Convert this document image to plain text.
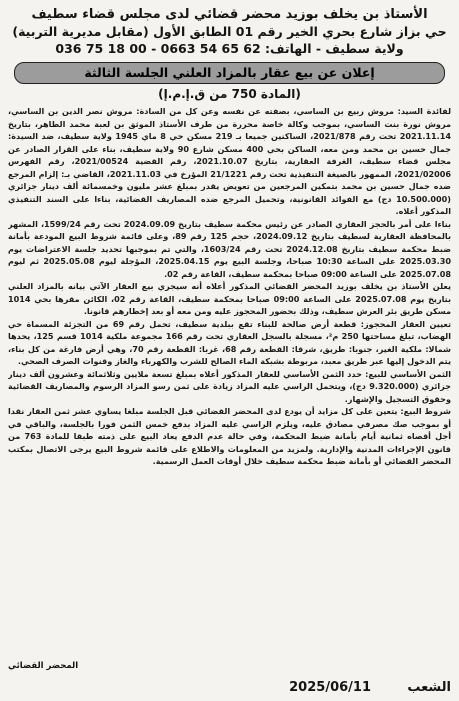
الأستاذ بن يخلف بوزيد محضر قضائي لدى مجلس قضاء سطيف
حي بزاز شارع بحري الخير رقم 01 الطابق الأول (مقابل مديرية التربية)
ولاية سطيف - الهاتف: 036 75 18 00 - 0663 54 65 62
إعلان عن بيع عقار بالمزاد العلني الجلسة الثالثة
(المادة 750 من ق.إ.م.إ)

لفائدة السيد: مروش ربيع بن الساسي، بصفته عن نفسه وعن كل من السادة: مروش نصر الدين بن الساسي، مروش نورة بنت الساسي، بموجب وكالة خاصة محررة من طرف الأستاذ الموثق بن لعبة محمد الطاهر، بتاريخ 2021.11.14 تحت رقم 2021/878، الساكنين جميعا بـ 219 مسكن حي 8 ماي 1945 ولاية سطيف، ضد السيدة: جمال حسين بن محمد ومن معه، الساكن بحي 400 مسكن شارع 90 ولاية سطيف، بناء على القرار الصادر عن مجلس قضاء سطيف، الغرفة العقارية، بتاريخ 2021.10.07، رقم القضية 2021/00524، رقم الفهرس 2021/02006، الممهور بالصيغة التنفيذية تحت رقم 21/1221 المؤرخ في 2021.11.03، القاضي بـ: إلزام المرجع ضده جمال حسين بن محمد بتمكين المرجعين من تعويض يقدر بمبلغ عشر مليون وخمسمائة ألف دينار جزائري (10.500.000 دج) مع الفوائد القانونية، وتحميل المرجع ضده المصاريف القضائية، بناءا على السند التنفيذي المذكور أعلاه.

بناءا على أمر بالحجز العقاري الصادر عن رئيس محكمة سطيف بتاريخ 2024.09.09 تحت رقم 1599/24، المشهر بالمحافظة العقارية لسطيف بتاريخ 2024.09.12، حجم 125 رقم 89، وعلى قائمة شروط البيع المودعة بأمانة ضبط محكمة سطيف بتاريخ 2024.12.08 تحت رقم 1603/24، والتي تم بموجبها تحديد جلسة الاعتراضات يوم 2025.03.30 على الساعة 10:30 صباحا، وجلسة البيع يوم 2025.04.15، المؤجلة ليوم 2025.05.08 ثم ليوم 2025.07.08 على الساعة 09:00 صباحا بمحكمة سطيف، القاعة رقم 02.

يعلن الأستاذ بن يخلف بوزيد المحضر القضائي المذكور أعلاه أنه سيجري بيع العقار الآتي بيانه بالمزاد العلني بتاريخ يوم 2025.07.08 على الساعة 09:00 صباحا بمحكمة سطيف، القاعة رقم 02، الكائن مقرها بحي 1014 مسكن طريق بئر العرش سطيف، وذلك بحضور المحجوز عليه ومن معه أو بعد إخطارهم قانونا.

تعيين العقار المحجوز: قطعة أرض صالحة للبناء تقع ببلدية سطيف، تحمل رقم 69 من التجزئة المسماة حي الهضاب، تبلغ مساحتها 250 م²، مسجلة بالسجل العقاري تحت رقم 166 مجموعة ملكية 1014 قسم 125، يحدها شمالا: ملكية الغير، جنوبا: طريق، شرقا: القطعة رقم 68، غربا: القطعة رقم 70، وهي أرض فارغة من كل بناء، يتم الدخول إليها عبر طريق معبد، مربوطة بشبكة الماء الصالح للشرب والكهرباء والغاز وقنوات الصرف الصحي.

الثمن الأساسي للبيع: حدد الثمن الأساسي للعقار المذكور أعلاه بمبلغ تسعة ملايين وثلاثمائة وعشرون ألف دينار جزائري (9.320.000 دج)، ويتحمل الراسي عليه المزاد زيادة على ثمن رسو المزاد الرسوم والمصاريف القضائية وحقوق التسجيل والإشهار.

شروط البيع: يتعين على كل مزايد أن يودع لدى المحضر القضائي قبل الجلسة مبلغا يساوي عشر ثمن العقار نقدا أو بموجب صك مصرفي مصادق عليه، ويلزم الراسي عليه المزاد بدفع خمس الثمن فورا بالجلسة، والباقي في أجل أقصاه ثمانية أيام بأمانة ضبط المحكمة، وفي حالة عدم الدفع يعاد البيع على ذمته طبقا للمادة 763 من قانون الإجراءات المدنية والإدارية. ولمزيد من المعلومات والاطلاع على قائمة شروط البيع يرجى الاتصال بمكتب المحضر القضائي أو بأمانة ضبط محكمة سطيف خلال أوقات العمل الرسمية.

المحضر القضائي
الشعب
2025/06/11
